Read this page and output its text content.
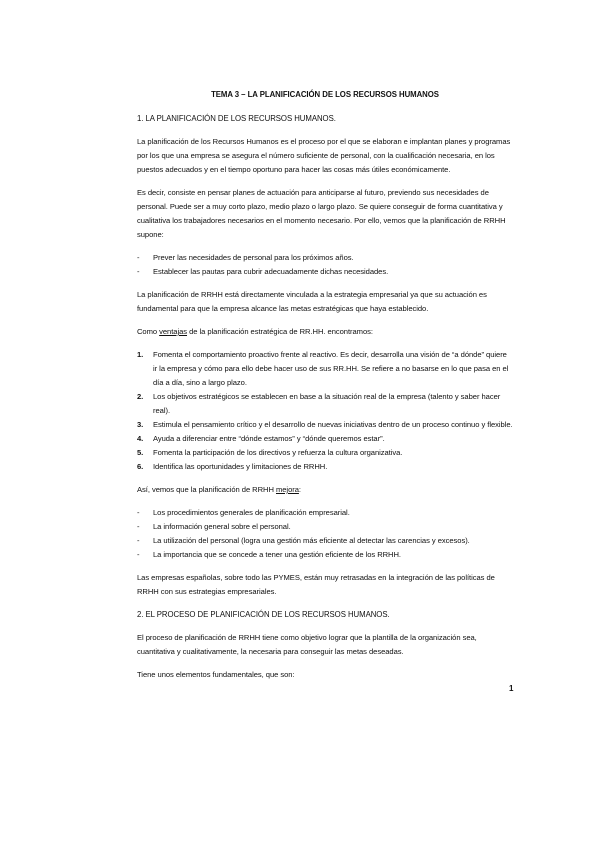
TEMA 3 – LA PLANIFICACIÓN DE LOS RECURSOS HUMANOS
1. LA PLANIFICACIÓN DE LOS RECURSOS HUMANOS.

La planificación de los Recursos Humanos es el proceso por el que se elaboran e implantan planes y programas por los que una empresa se asegura el número suficiente de personal, con la cualificación necesaria, en los puestos adecuados y en el tiempo oportuno para hacer las cosas más útiles económicamente.

Es decir, consiste en pensar planes de actuación para anticiparse al futuro, previendo sus necesidades de personal. Puede ser a muy corto plazo, medio plazo o largo plazo. Se quiere conseguir de forma cuantitativa y cualitativa los trabajadores necesarios en el momento necesario. Por ello, vemos que la planificación de RRHH supone:

- Prever las necesidades de personal para los próximos años.
- Establecer las pautas para cubrir adecuadamente dichas necesidades.

La planificación de RRHH está directamente vinculada a la estrategia empresarial ya que su actuación es fundamental para que la empresa alcance las metas estratégicas que haya establecido.

Como ventajas de la planificación estratégica de RR.HH. encontramos:

1. Fomenta el comportamiento proactivo frente al reactivo. Es decir, desarrolla una visión de “a dónde” quiere ir la empresa y cómo para ello debe hacer uso de sus RR.HH. Se refiere a no basarse en lo que pasa en el día a día, sino a largo plazo.
2. Los objetivos estratégicos se establecen en base a la situación real de la empresa (talento y saber hacer real).
3. Estimula el pensamiento crítico y el desarrollo de nuevas iniciativas dentro de un proceso continuo y flexible.
4. Ayuda a diferenciar entre “dónde estamos” y “dónde queremos estar”.
5. Fomenta la participación de los directivos y refuerza la cultura organizativa.
6. Identifica las oportunidades y limitaciones de RRHH.

Así, vemos que la planificación de RRHH mejora:

- Los procedimientos generales de planificación empresarial.
- La información general sobre el personal.
- La utilización del personal (logra una gestión más eficiente al detectar las carencias y excesos).
- La importancia que se concede a tener una gestión eficiente de los RRHH.

Las empresas españolas, sobre todo las PYMES, están muy retrasadas en la integración de las políticas de RRHH con sus estrategias empresariales.

2. EL PROCESO DE PLANIFICACIÓN DE LOS RECURSOS HUMANOS.

El proceso de planificación de RRHH tiene como objetivo lograr que la plantilla de la organización sea, cuantitativa y cualitativamente, la necesaria para conseguir las metas deseadas.

Tiene unos elementos fundamentales, que son:

1
